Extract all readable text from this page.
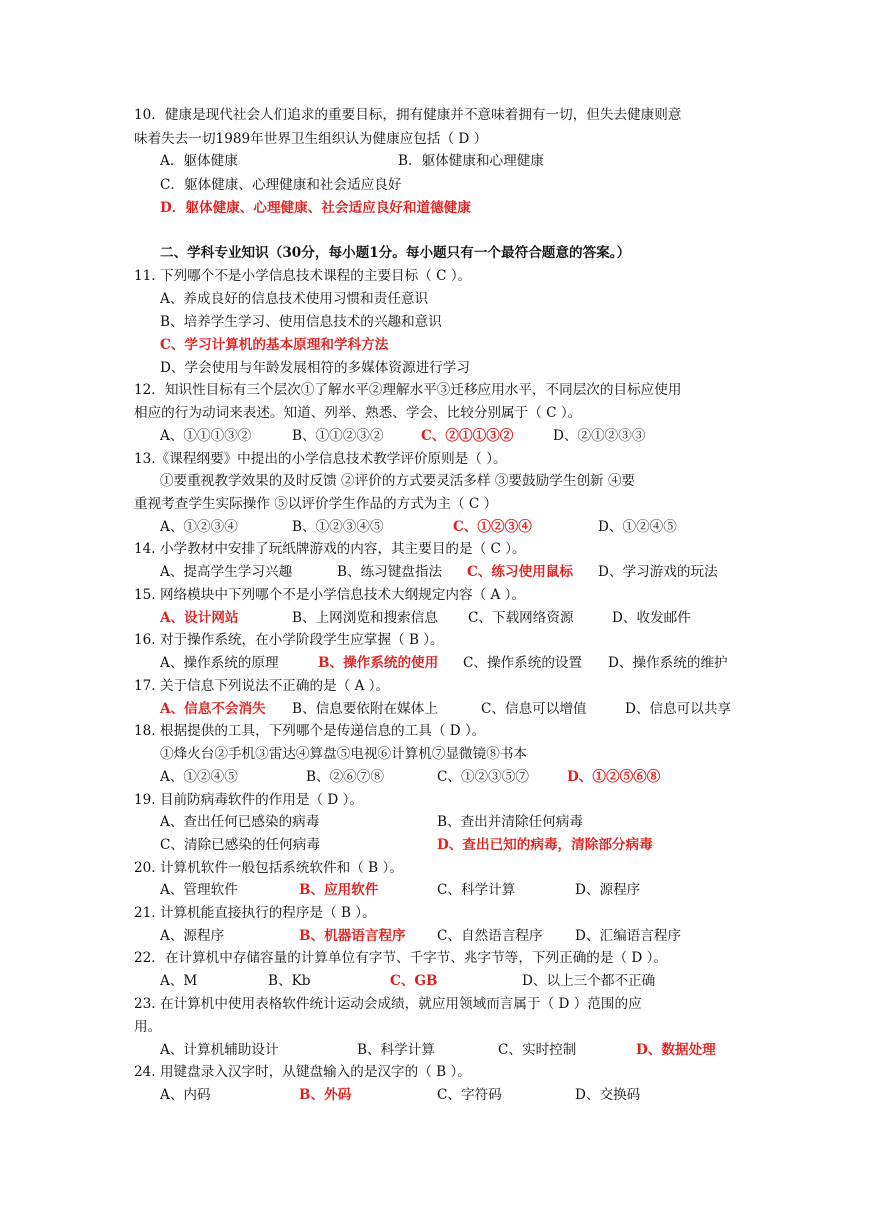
10．健康是现代社会人们追求的重要目标，拥有健康并不意味着拥有一切，但失去健康则意
味着失去一切1989年世界卫生组织认为健康应包括（ D ）
A．躯体健康	B．躯体健康和心理健康
C．躯体健康、心理健康和社会适应良好
D．躯体健康、心理健康、社会适应良好和道德健康
二、学科专业知识（30分，每小题1分。每小题只有一个最符合题意的答案。）
11. 下列哪个不是小学信息技术课程的主要目标（ C ）。
A、养成良好的信息技术使用习惯和责任意识
B、培养学生学习、使用信息技术的兴趣和意识
C、学习计算机的基本原理和学科方法
D、学会使用与年龄发展相符的多媒体资源进行学习
12．知识性目标有三个层次①了解水平②理解水平③迁移应用水平，不同层次的目标应使用
相应的行为动词来表述。知道、列举、熟悉、学会、比较分别属于（ C ）。
A、①①①③②	B、①①②③②	C、②①①③②	D、②①②③③
13.《课程纲要》中提出的小学信息技术教学评价原则是（ ）。
①要重视教学效果的及时反馈 ②评价的方式要灵活多样 ③要鼓励学生创新 ④要
重视考查学生实际操作 ⑤以评价学生作品的方式为主（ C ）
A、①②③④	B、①②③④⑤	C、①②③④	D、①②④⑤
14. 小学教材中安排了玩纸牌游戏的内容，其主要目的是（ C ）。
A、提高学生学习兴趣	B、练习键盘指法 C、练习使用鼠标 D、学习游戏的玩法
15. 网络模块中下列哪个不是小学信息技术大纲规定内容（ A ）。
A、设计网站	B、上网浏览和搜索信息 C、下载网络资源	D、收发邮件
16. 对于操作系统，在小学阶段学生应掌握（ B ）。
A、操作系统的原理	B、操作系统的使用 C、操作系统的设置 D、操作系统的维护
17. 关于信息下列说法不正确的是（ A ）。
A、信息不会消失 B、信息要依附在媒体上	C、信息可以增值	D、信息可以共享
18. 根据提供的工具，下列哪个是传递信息的工具（ D ）。
①烽火台②手机③雷达④算盘⑤电视⑥计算机⑦显微镜⑧书本
A、①②④⑤	B、②⑥⑦⑧	C、①②③⑤⑦	D、①②⑤⑥⑧
19. 目前防病毒软件的作用是（ D ）。
A、查出任何已感染的病毒	B、查出并清除任何病毒
C、清除已感染的任何病毒	D、查出已知的病毒，清除部分病毒
20. 计算机软件一般包括系统软件和（ B ）。
A、管理软件	B、应用软件	C、科学计算	D、源程序
21. 计算机能直接执行的程序是（ B ）。
A、源程序	B、机器语言程序 C、自然语言程序 D、汇编语言程序
22．在计算机中存储容量的计算单位有字节、千字节、兆字节等，下列正确的是（ D ）。
A、M	B、Kb	C、GB	D、以上三个都不正确
23. 在计算机中使用表格软件统计运动会成绩，就应用领域而言属于（ D ）范围的应
用。
A、计算机辅助设计	B、科学计算	C、实时控制	D、数据处理
24. 用键盘录入汉字时，从键盘输入的是汉字的（ B ）。
A、内码	B、外码	C、字符码	D、交换码
